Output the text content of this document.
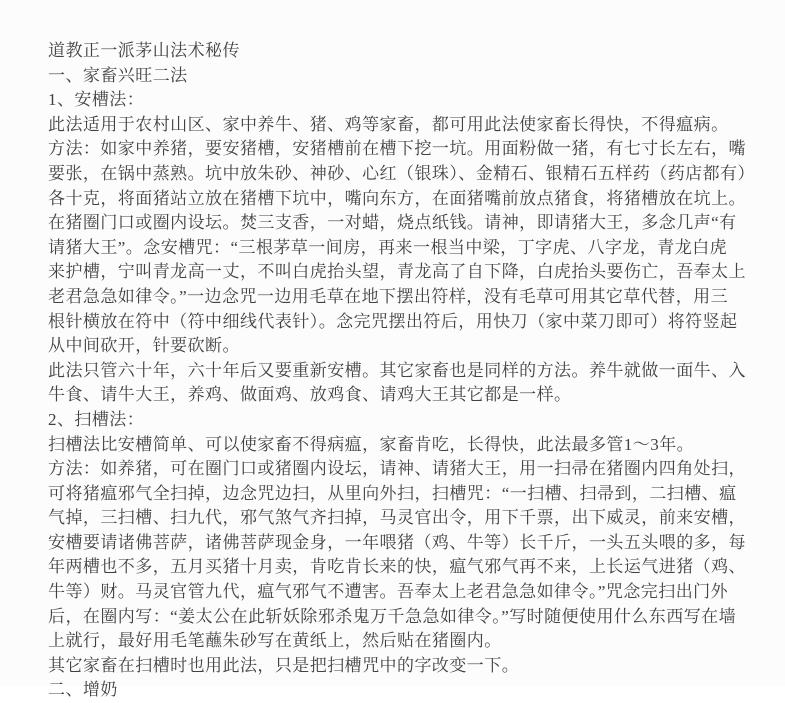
道教正一派茅山法术秘传
一、家畜兴旺二法
1、安槽法：
此法适用于农村山区、家中养牛、猪、鸡等家畜，都可用此法使家畜长得快，不得瘟病。
方法：如家中养猪，要安猪槽，安猪槽前在槽下挖一坑。用面粉做一猪，有七寸长左右，嘴
要张，在锅中蒸熟。坑中放朱砂、神砂、心红（银珠）、金精石、银精石五样药（药店都有）
各十克，将面猪站立放在猪槽下坑中，嘴向东方，在面猪嘴前放点猪食，将猪槽放在坑上。
在猪圈门口或圈内设坛。焚三支香，一对蜡，烧点纸钱。请神，即请猪大王，多念几声“有
请猪大王”。念安槽咒：“三根茅草一间房，再来一根当中梁，丁字虎、八字龙，青龙白虎
来护槽，宁叫青龙高一丈，不叫白虎抬头望，青龙高了自下降，白虎抬头要伤亡，吾奉太上
老君急急如律令。”一边念咒一边用毛草在地下摆出符样，没有毛草可用其它草代替，用三
根针横放在符中（符中细线代表针）。念完咒摆出符后，用快刀（家中菜刀即可）将符竖起
从中间砍开，针要砍断。
此法只管六十年，六十年后又要重新安槽。其它家畜也是同样的方法。养牛就做一面牛、入
牛食、请牛大王，养鸡、做面鸡、放鸡食、请鸡大王其它都是一样。
2、扫槽法：
扫槽法比安槽简单、可以使家畜不得病瘟，家畜肯吃，长得快，此法最多管1～3年。
方法：如养猪，可在圈门口或猪圈内设坛，请神、请猪大王，用一扫帚在猪圈内四角处扫，
可将猪瘟邪气全扫掉，边念咒边扫，从里向外扫，扫槽咒：“一扫槽、扫帚到，二扫槽、瘟
气掉，三扫槽、扫九代，邪气煞气齐扫掉，马灵官出令，用下千票，出下威灵，前来安槽，
安槽要请诸佛菩萨，诸佛菩萨现金身，一年喂猪（鸡、牛等）长千斤，一头五头喂的多，每
年两槽也不多，五月买猪十月卖，肯吃肯长来的快，瘟气邪气再不来，上长运气进猪（鸡、
牛等）财。马灵官管九代，瘟气邪气不遭害。吾奉太上老君急急如律令。”咒念完扫出门外
后，在圈内写：“姜太公在此斩妖除邪杀鬼万千急急如律令。”写时随便使用什么东西写在墙
上就行，最好用毛笔蘸朱砂写在黄纸上，然后贴在猪圈内。
其它家畜在扫槽时也用此法，只是把扫槽咒中的字改变一下。
二、增奶
